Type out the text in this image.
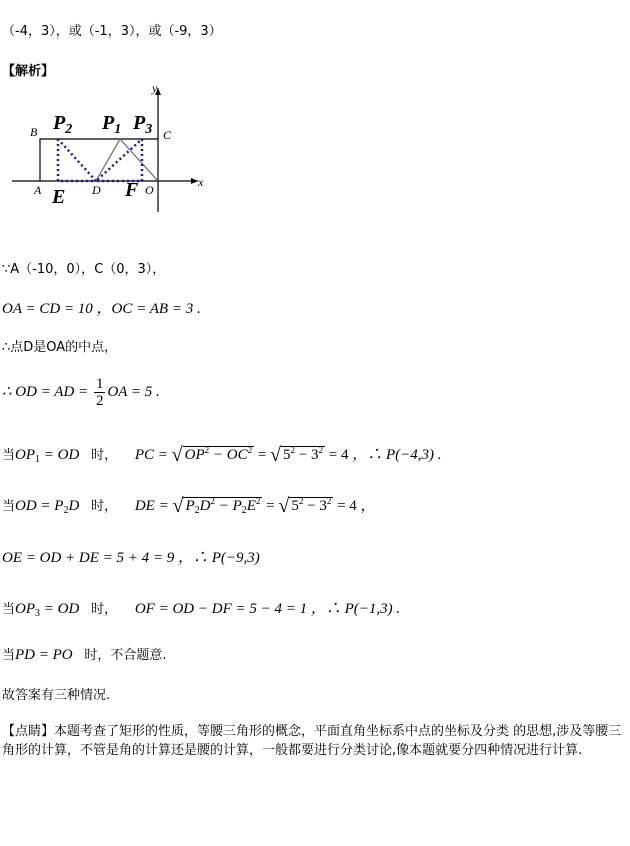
（-4，3），或（-1，3），或（-9，3）
【解析】
y
x
B	C
A	D	O
$P_2$ $P_1$ $P_3$
E	F
∵A（-10，0），C（0，3），
OA = CD = 10 ，OC = AB = 3 .
∴点D是OA的中点，
∴ OD = AD = $\frac{1}{2}$ OA = 5 .
当$OP_1$ = OD 时， PC = √ $OP^2 - OC^2$ = √ $5^2 - 3^2 = 4$ ，∴ P(−4,3) .
当OD = $P_2D$ 时， DE = √ $P_2D^2 - P_2E^2$ = √ $5^2 - 3^2 = 4$ ，
OE = OD + DE = 5 + 4 = 9 ，∴ P(−9,3)
当$OP_3$ = OD 时， OF = OD − DF = 5 − 4 = 1 ，∴ P(−1,3) .
当PD = PO 时，不合题意.
故答案有三种情况.
【点睛】本题考查了矩形的性质，等腰三角形的概念，平面直角坐标系中点的坐标及分类 的思想,涉及等腰三角形的计算，不管是角的计算还是腰的计算，一般都要进行分类讨论,像本题就要分四种情况进行计算.
